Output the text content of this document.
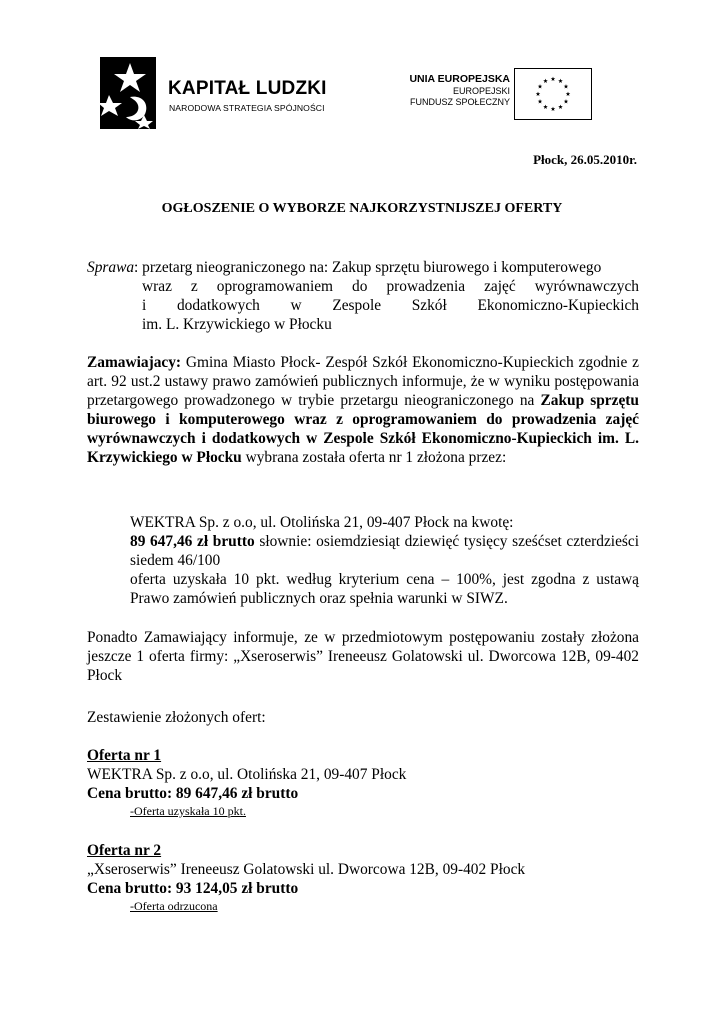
KAPITAŁ LUDZKI
NARODOWA STRATEGIA SPÓJNOŚCI
UNIA EUROPEJSKA
EUROPEJSKI
FUNDUSZ SPOŁECZNY
Płock, 26.05.2010r.
OGŁOSZENIE O WYBORZE NAJKORZYSTNIJSZEJ OFERTY
Sprawa: przetarg nieograniczonego na: Zakup sprzętu biurowego i komputerowego
wraz z oprogramowaniem do prowadzenia zajęć wyrównawczych
i dodatkowych w Zespole Szkół Ekonomiczno-Kupieckich
im. L. Krzywickiego w Płocku
Zamawiajacy: Gmina Miasto Płock- Zespół Szkół Ekonomiczno-Kupieckich zgodnie z art. 92 ust.2 ustawy prawo zamówień publicznych informuje, że w wyniku postępowania przetargowego prowadzonego w trybie przetargu nieograniczonego na Zakup sprzętu biurowego i komputerowego wraz z oprogramowaniem do prowadzenia zajęć wyrównawczych i dodatkowych w Zespole Szkół Ekonomiczno-Kupieckich im. L. Krzywickiego w Płocku wybrana została oferta nr 1 złożona przez:
WEKTRA Sp. z o.o, ul. Otolińska 21, 09-407 Płock na kwotę:
89 647,46 zł brutto słownie: osiemdziesiąt dziewięć tysięcy sześćset czterdzieści siedem 46/100
oferta uzyskała 10 pkt. według kryterium cena – 100%, jest zgodna z ustawą Prawo zamówień publicznych oraz spełnia warunki w SIWZ.
Ponadto Zamawiający informuje, ze w przedmiotowym postępowaniu zostały złożona jeszcze 1 oferta firmy: „Xseroserwis” Ireneeusz Golatowski ul. Dworcowa 12B, 09-402 Płock
Zestawienie złożonych ofert:
Oferta nr 1
WEKTRA Sp. z o.o, ul. Otolińska 21, 09-407 Płock
Cena brutto: 89 647,46 zł brutto
-Oferta uzyskała 10 pkt.
Oferta nr 2
„Xseroserwis” Ireneeusz Golatowski ul. Dworcowa 12B, 09-402 Płock
Cena brutto: 93 124,05 zł brutto
-Oferta odrzucona
